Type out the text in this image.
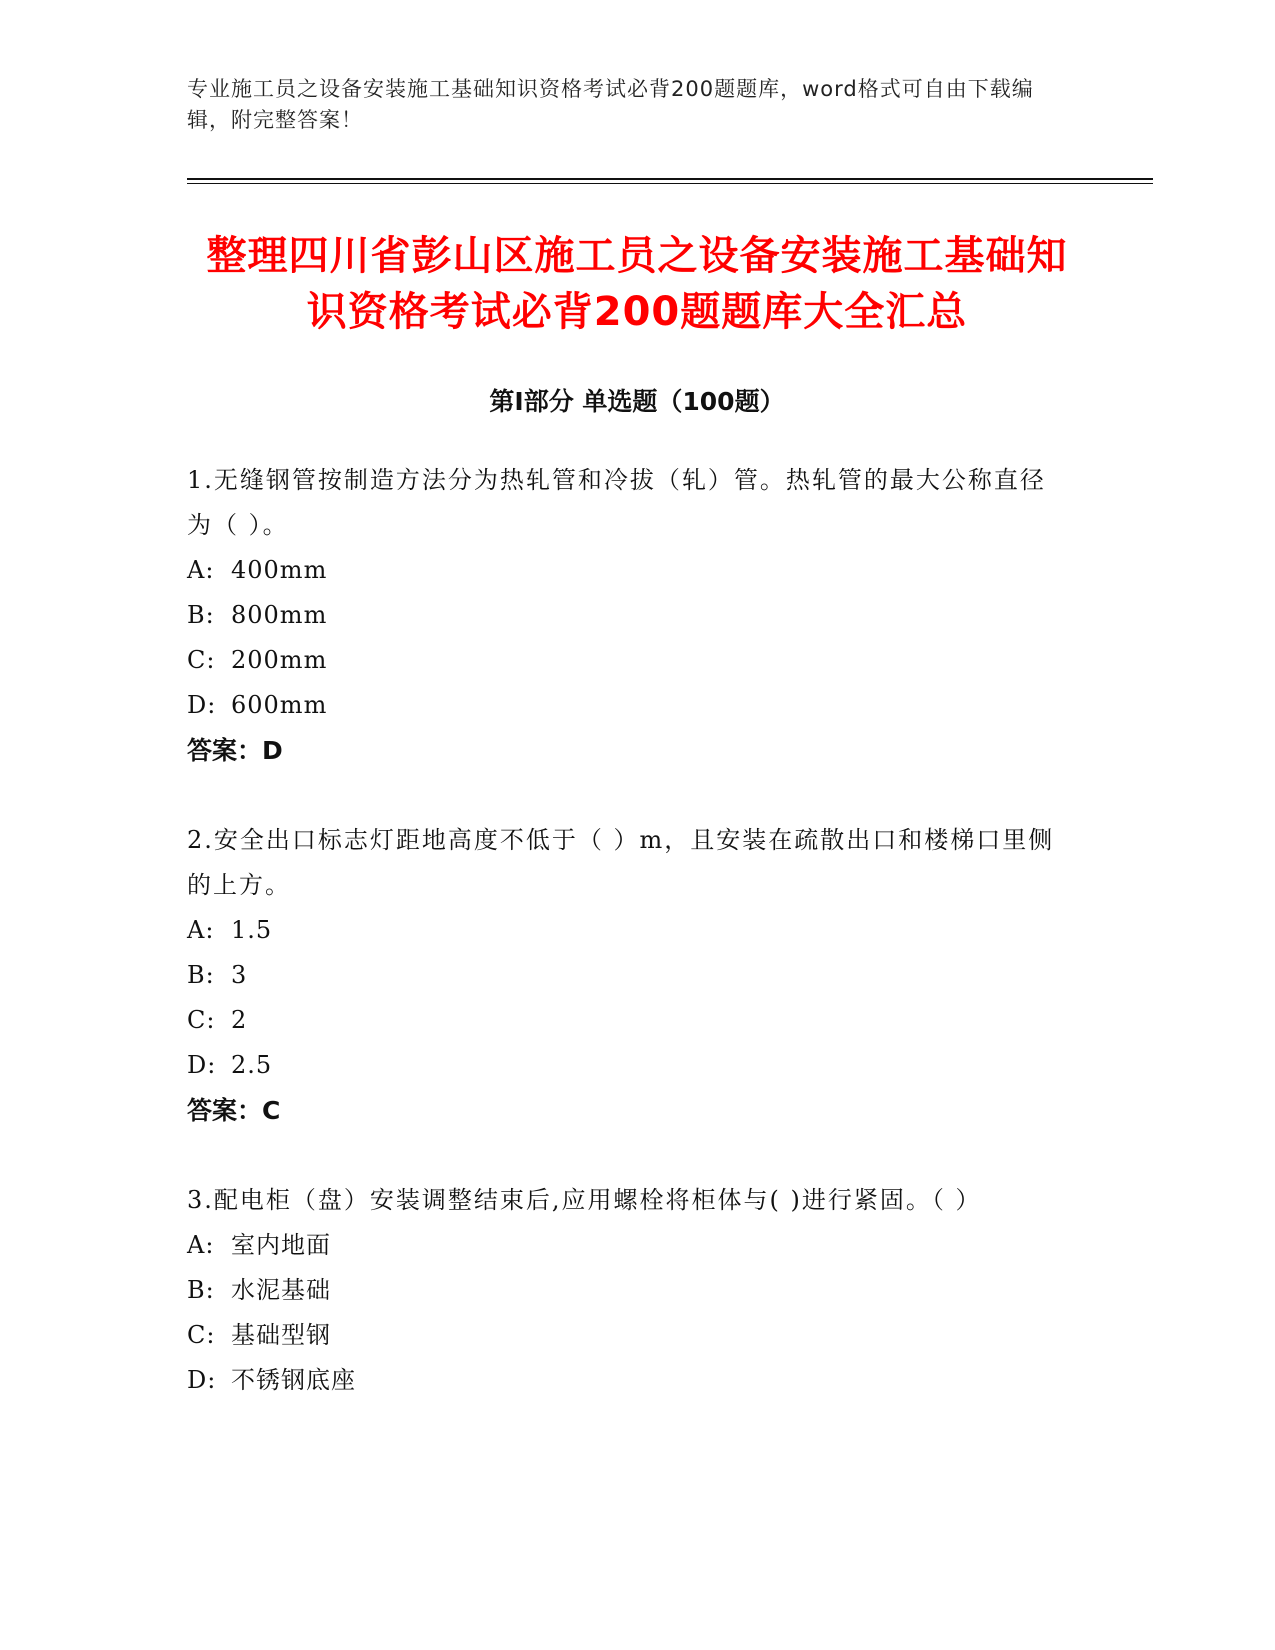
专业施工员之设备安装施工基础知识资格考试必背200题题库，word格式可自由下载编辑，附完整答案！
整理四川省彭山区施工员之设备安装施工基础知识资格考试必背200题题库大全汇总
第Ⅰ部分 单选题（100题）

1.无缝钢管按制造方法分为热轧管和冷拔（轧）管。热轧管的最大公称直径为（ ）。

A: 400mm

B: 800mm

C: 200mm

D: 600mm

答案：D

2.安全出口标志灯距地高度不低于（ ）m，且安装在疏散出口和楼梯口里侧的上方。

A: 1.5

B: 3

C: 2

D: 2.5

答案：C

3.配电柜（盘）安装调整结束后,应用螺栓将柜体与( )进行紧固。（ ）

A: 室内地面

B: 水泥基础

C: 基础型钢

D: 不锈钢底座
